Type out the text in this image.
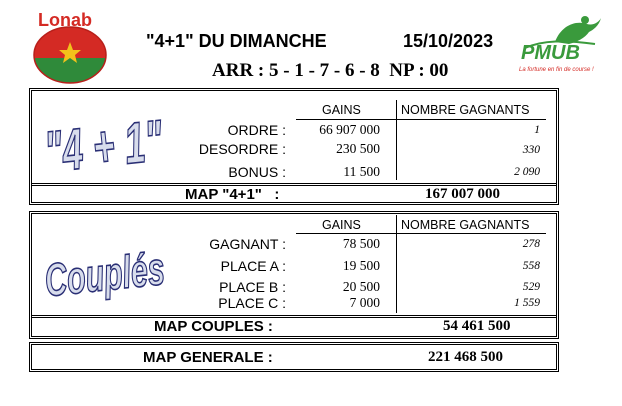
Lonab
"4+1" DU DIMANCHE	15/10/2023
ARR : 5 - 1 - 7 - 6 - 8  NP : 00
PMUB
La fortune en fin de course !
"4 +	GAINS	NOMBRE GAGNANTS
ORDRE :	66 907 000	1
DESORDRE :	230 500	330
BONUS :	11 500	2 090
MAP "4+1"   :	167 007 000
Couplés
GAINS	NOMBRE GAGNANTS
GAGNANT :	78 500	278
PLACE A :	19 500	558
PLACE B :	20 500	529
PLACE C :	7 000	1 559
MAP COUPLES :	54 461 500
MAP GENERALE :	221 468 500
